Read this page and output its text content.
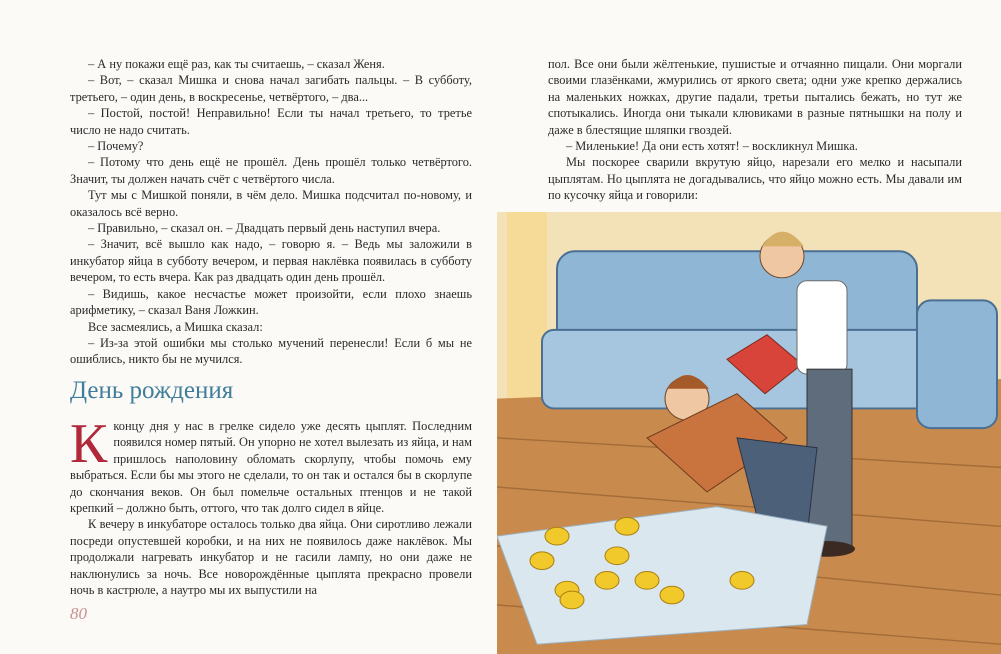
– А ну покажи ещё раз, как ты считаешь, – сказал Женя.

– Вот, – сказал Мишка и снова начал загибать пальцы. – В субботу, третьего, – один день, в воскресенье, четвёртого, – два...

– Постой, постой! Неправильно! Если ты начал третьего, то третье число не надо считать.

– Почему?

– Потому что день ещё не прошёл. День прошёл только четвёртого. Значит, ты должен начать счёт с четвёртого числа.

Тут мы с Мишкой поняли, в чём дело. Мишка подсчитал по-новому, и оказалось всё верно.

– Правильно, – сказал он. – Двадцать первый день наступил вчера.

– Значит, всё вышло как надо, – говорю я. – Ведь мы заложили в инкубатор яйца в субботу вечером, и первая наклёвка появилась в субботу вечером, то есть вчера. Как раз двадцать один день прошёл.

– Видишь, какое несчастье может произойти, если плохо знаешь арифметику, – сказал Ваня Ложкин.

Все засмеялись, а Мишка сказал:

– Из-за этой ошибки мы столько мучений перенесли! Если б мы не ошиблись, никто бы не мучился.

День рождения

К концу дня у нас в грелке сидело уже десять цыплят. Последним появился номер пятый. Он упорно не хотел вылезать из яйца, и нам пришлось наполовину обломать скорлупу, чтобы помочь ему выбраться. Если бы мы этого не сделали, то он так и остался бы в скорлупе до скончания веков. Он был помельче остальных птенцов и не такой крепкий – должно быть, оттого, что так долго сидел в яйце.

К вечеру в инкубаторе осталось только два яйца. Они сиротливо лежали посреди опустевшей коробки, и на них не появилось даже наклёвок. Мы продолжали нагревать инкубатор и не гасили лампу, но они даже не наклюнулись за ночь. Все новорождённые цыплята прекрасно провели ночь в кастрюле, а наутро мы их выпустили на

80

пол. Все они были жёлтенькие, пушистые и отчаянно пищали. Они моргали своими глазёнками, жмурились от яркого света; одни уже крепко держались на маленьких ножках, другие падали, третьи пытались бежать, но тут же спотыкались. Иногда они тыкали клювиками в разные пятнышки на полу и даже в блестящие шляпки гвоздей.

– Миленькие! Да они есть хотят! – воскликнул Мишка.

Мы поскорее сварили вкрутую яйцо, нарезали его мелко и насыпали цыплятам. Но цыплята не догадывались, что яйцо можно есть. Мы давали им по кусочку яйца и говорили:
